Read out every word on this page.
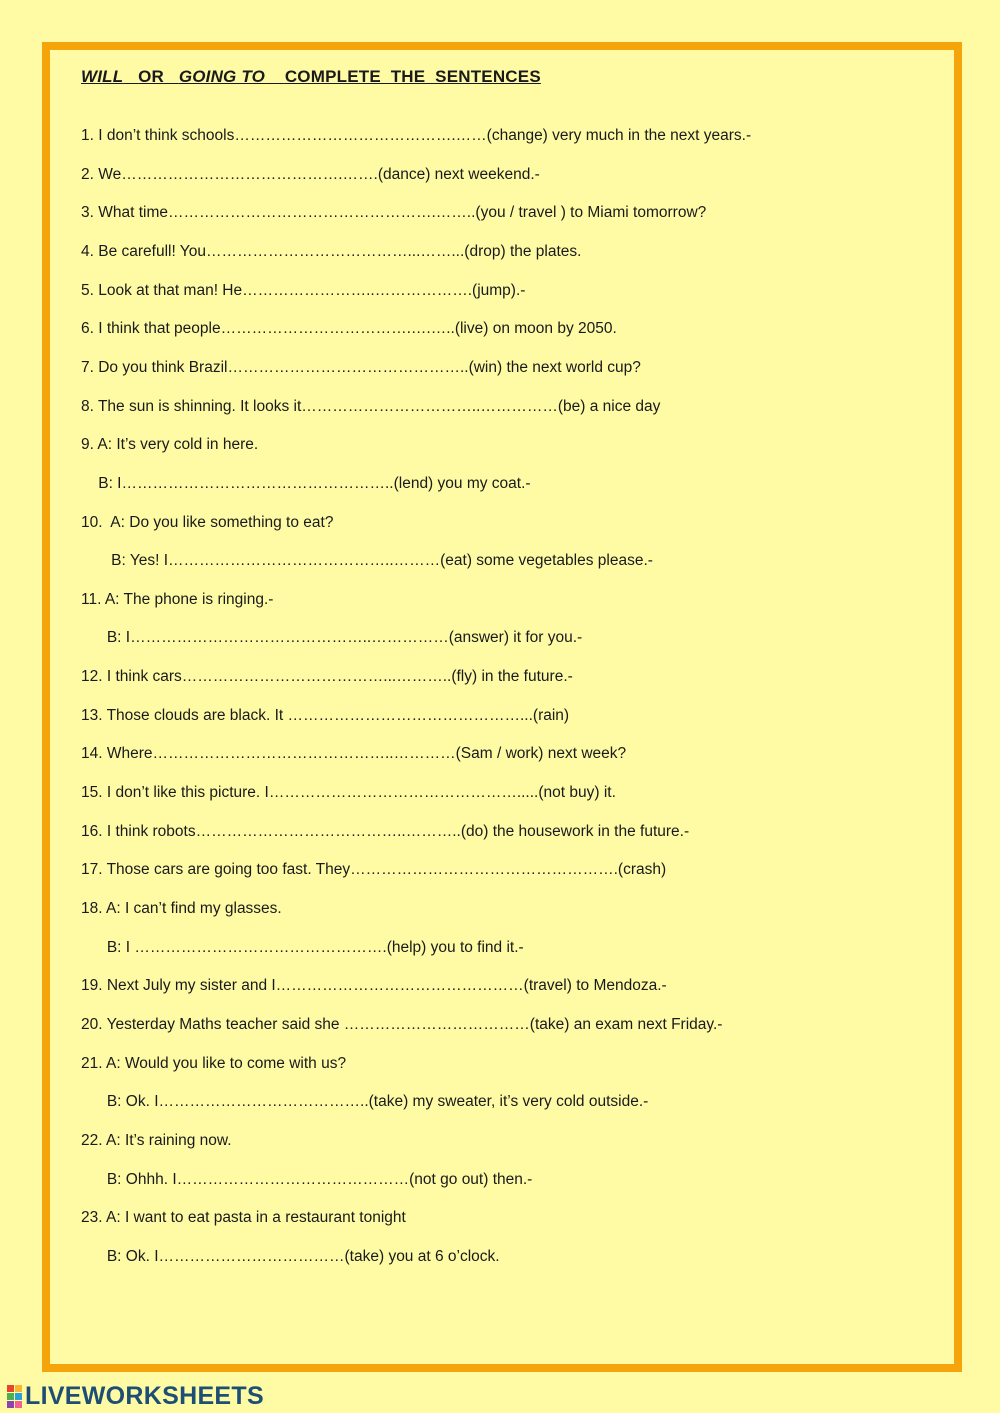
WILL OR GOING TO COMPLETE  THE  SENTENCES

1. I don’t think schools…………………………………….……(change) very much in the next years.-

2. We…………………………………….…….(dance) next weekend.-

3. What time…………………………………………….……..(you / travel ) to Miami tomorrow?

4. Be carefull! You…………………………………...……...(drop) the plates.

5. Look at that man! He……………………..……………….(jump).-

6. I think that people……………………………….….…..(live) on moon by 2050.

7. Do you think Brazil………………………………………..(win) the next world cup?

8. The sun is shinning. It looks it……………………………..……………(be) a nice day

9. A: It’s very cold in here.

B: I……………………………………………..(lend) you my coat.-

10.  A: Do you like something to eat?

B: Yes! I……………………………………..………(eat) some vegetables please.-

11. A: The phone is ringing.-

B: I………………………………………..……………(answer) it for you.-

12. I think cars…………………………………...………..(fly) in the future.-

13. Those clouds are black. It ………………………………………...(rain)

14. Where………………………………………..…………(Sam / work) next week?

15. I don’t like this picture. I………………………………………….....(not buy) it.

16. I think robots…………………………………..………..(do) the housework in the future.-

17. Those cars are going too fast. They…………………………………………….(crash)

18. A: I can’t find my glasses.

B: I ………………………………………….(help) you to find it.-

19. Next July my sister and I…………………………………………(travel) to Mendoza.-

20. Yesterday Maths teacher said she ………………………………(take) an exam next Friday.-

21. A: Would you like to come with us?

B: Ok. I…………………………………..(take) my sweater, it’s very cold outside.-

22. A: It’s raining now.

B: Ohhh. I………………………………………(not go out) then.-

23. A: I want to eat pasta in a restaurant tonight

B: Ok. I………………………………(take) you at 6 o’clock.

LIVEWORKSHEETS
